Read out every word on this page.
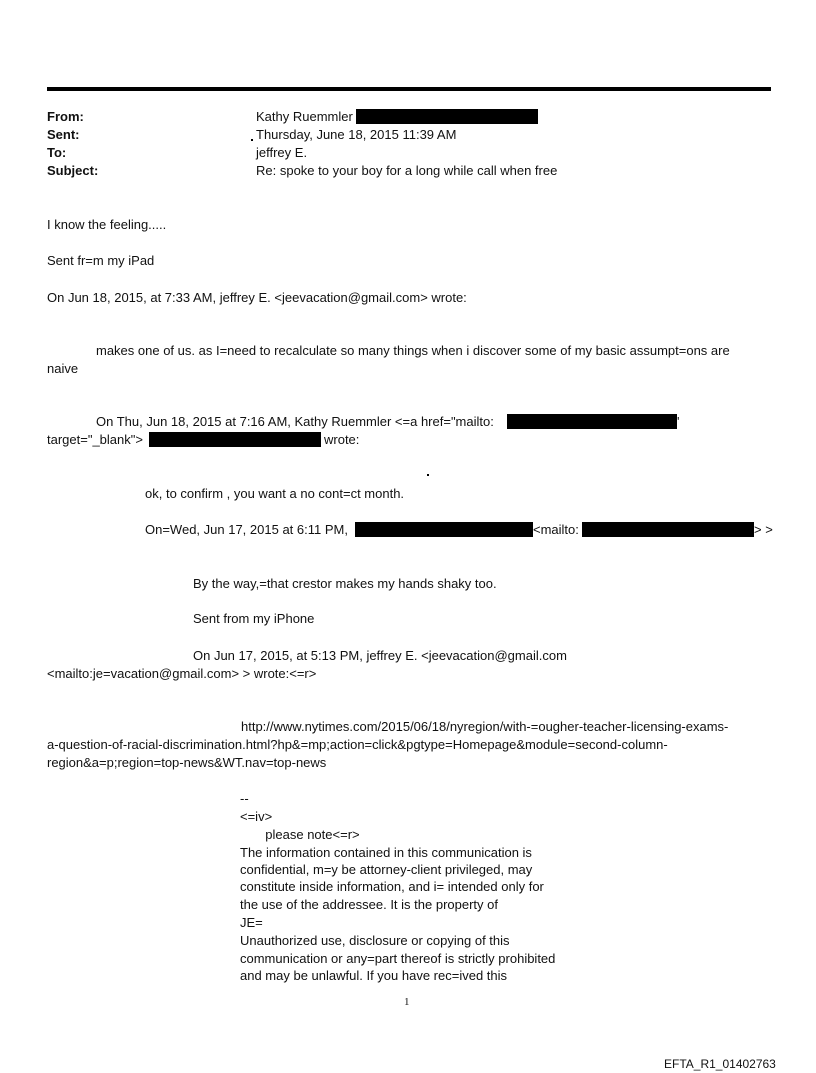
From:	Kathy Ruemmler
Sent:	Thursday, June 18, 2015 11:39 AM
To:	jeffrey E.
Subject:	Re: spoke to your boy for a long while call when free
I know the feeling.....
Sent fr=m my iPad
On Jun 18, 2015, at 7:33 AM, jeffrey E. <jeevacation@gmail.com> wrote:
makes one of us. as I=need to recalculate so many things when i discover some of my basic assumpt=ons are
naive
On Thu, Jun 18, 2015 at 7:16 AM, Kathy Ruemmler <=a href="mailto:	'
target="_blank">	wrote:
ok, to confirm , you want a no cont=ct month.
On=Wed, Jun 17, 2015 at 6:11 PM,	<mailto:	> >
By the way,=that crestor makes my hands shaky too.
Sent from my iPhone
On Jun 17, 2015, at 5:13 PM, jeffrey E. <jeevacation@gmail.com
<mailto:je=vacation@gmail.com> > wrote:<=r>
http://www.nytimes.com/2015/06/18/nyregion/with-=ougher-teacher-licensing-exams-
a-question-of-racial-discrimination.html?hp&=mp;action=click&pgtype=Homepage&module=second-column-
region&a=p;region=top-news&WT.nav=top-news
--
<=iv>
please note<=r>
The information contained in this communication is
confidential, m=y be attorney-client privileged, may
constitute inside information, and i= intended only for
the use of the addressee. It is the property of
JE=
Unauthorized use, disclosure or copying of this
communication or any=part thereof is strictly prohibited
and may be unlawful. If you have rec=ived this
1
EFTA_R1_01402763
